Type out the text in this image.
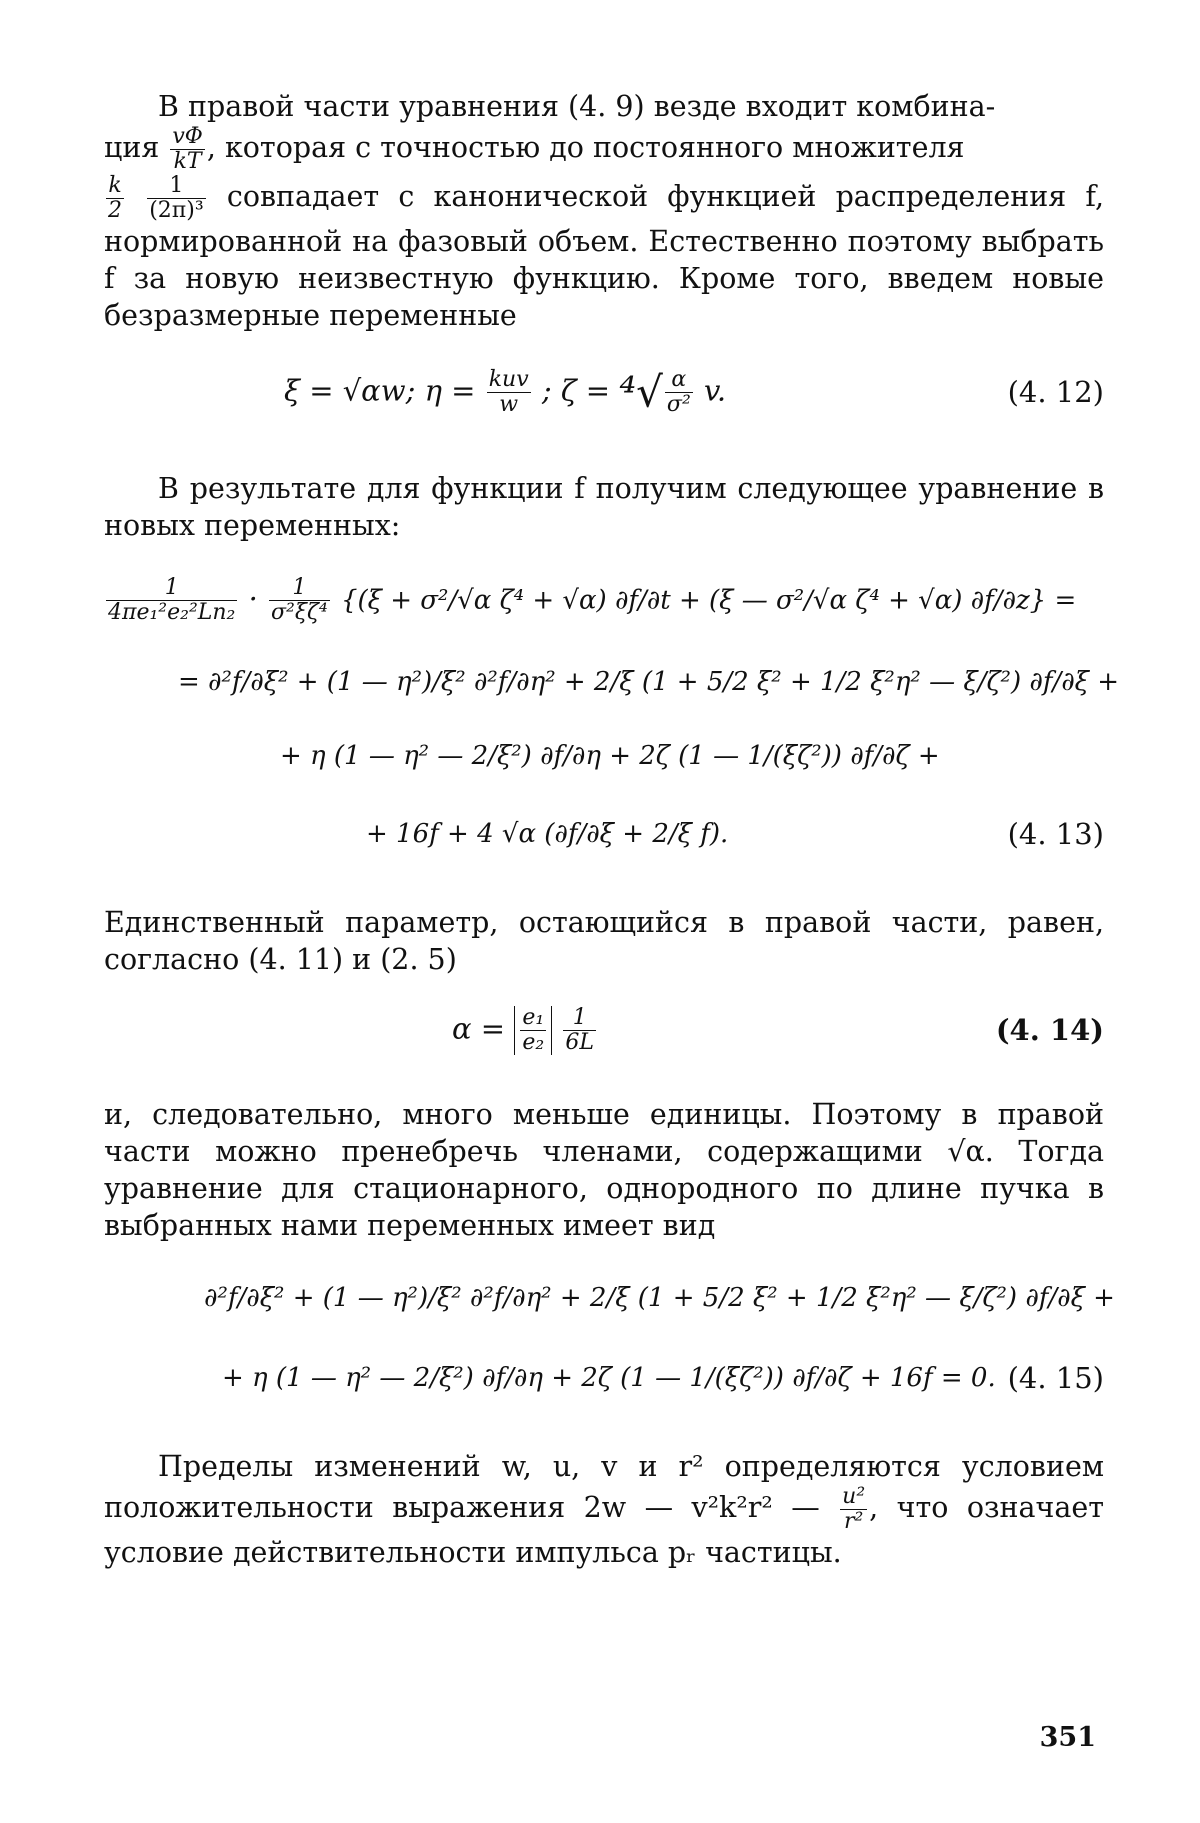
В правой части уравнения (4. 9) везде входит комбина-
ция $\frac{v\Phi}{kT}$ , которая с точностью до постоянного множителя

$\frac{k}{2}$
$\frac{1}{\text{(2π)³}}$ совпадает с канонической функцией распределения f, нормированной на фазовый объем. Естественно поэтому выбрать f за новую неизвестную функцию. Кроме того, введем новые безразмерные переменные

ξ = √αw; $\eta = \frac{\text{kuv}}{w}$ ; $\zeta = ^4√ \frac{\alpha}{\text{σ²}} v$.	(4. 12)

В результате для функции f получим следующее уравнение в новых переменных:

$\frac{1}{\text{4πe₁²e₂²Ln₂}} \cdot \frac{1}{\text{σ²ξζ⁴}} \{(\xi + \sigma^2/√\alpha$ ζ⁴ + √α) ∂f/∂t + (ξ — σ²/√α ζ⁴ + √α) ∂f/∂z} =
= ∂²f/∂ξ² + (1 — η²)/ξ² ∂²f/∂η² + 2/ξ (1 + 5/2 ξ² + 1/2 ξ²η² — ξ/ζ²) ∂f/∂ξ +
+ η (1 — η² — 2/ξ²) ∂f/∂η + 2ζ (1 — 1/(ξζ²)) ∂f/∂ζ +
+ 16f + 4 √α (∂f/∂ξ + 2/ξ f).	(4. 13)

Единственный параметр, остающийся в правой части, равен, согласно (4. 11) и (2. 5)

$\alpha = \frac{\text{e₁}}{\text{e₂}}$
$\frac{1}{6L}$	(4. 14)

и, следовательно, много меньше единицы. Поэтому в правой части можно пренебречь членами, содержащими √α. Тогда уравнение для стационарного, однородного по длине пучка в выбранных нами переменных имеет вид

∂²f/∂ξ² + (1 — η²)/ξ² ∂²f/∂η² + 2/ξ (1 + 5/2 ξ² + 1/2 ξ²η² — ξ/ζ²) ∂f/∂ξ +
+ η (1 — η² — 2/ξ²) ∂f/∂η + 2ζ (1 — 1/(ξζ²)) ∂f/∂ζ + 16f = 0. (4. 15)

Пределы изменений w, u, v и r² определяются условием положительности выражения 2w — v²k²r² — $\frac{\text{u²}}{\text{r²}}$ , что означает условие действительности импульса pᵣ частицы.

351
